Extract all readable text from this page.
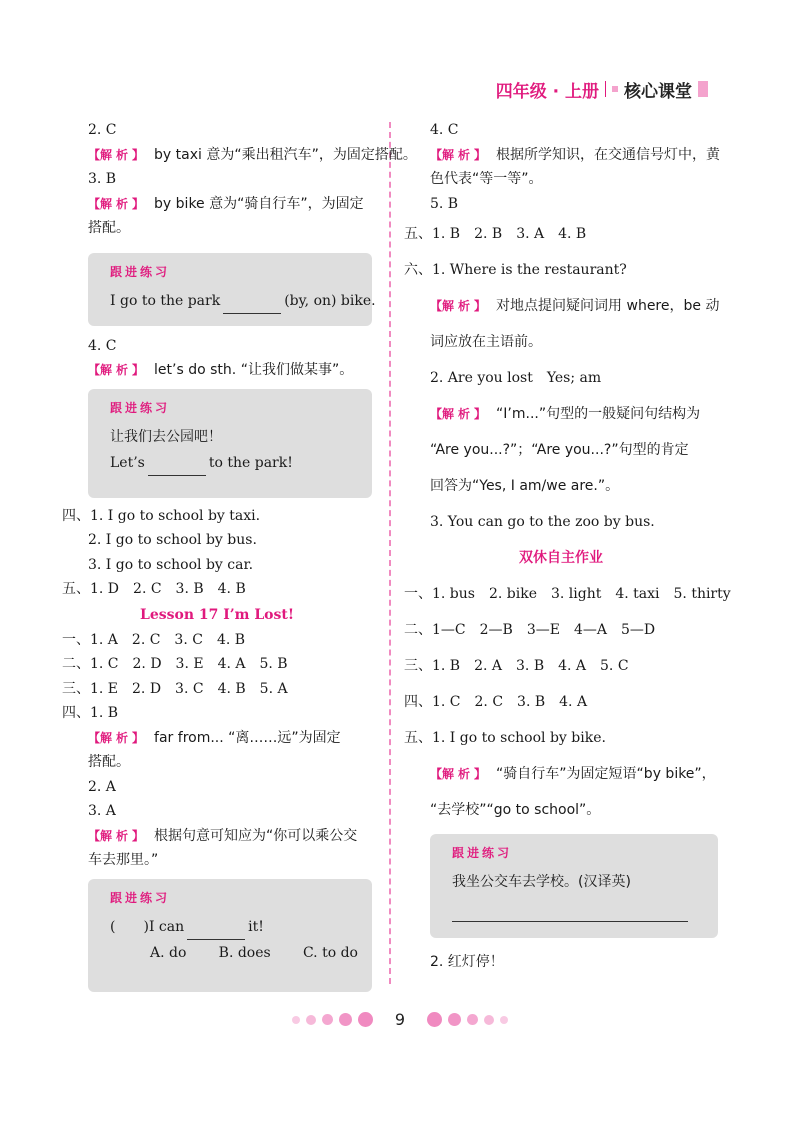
四年级 · 上册 核心课堂
2. C
【 解析 】 by taxi 意为“乘出租汽车”，为固定搭配。
3. B
【 解析 】 by bike 意为“骑自行车”，为固定
搭配。
跟进练习
I go to the park	(by, on) bike.
4. C
【 解析 】 let’s do sth. “让我们做某事”。
跟进练习
让我们去公园吧！
Let’s	to the park!
四、1. I go to school by taxi.
2. I go to school by bus.
3. I go to school by car.
五、1. D　2. C　3. B　4. B
Lesson 17 I’m Lost!
一、1. A　2. C　3. C　4. B
二、1. C　2. D　3. E　4. A　5. B
三、1. E　2. D　3. C　4. B　5. A
四、1. B
【 解析 】 far from... “离……远”为固定
搭配。
2. A
3. A
【 解析 】 根据句意可知应为“你可以乘公交
车去那里。”
跟进练习
(　　)I can	it!
A. do B. does C. to do
4. C
【 解析 】 根据所学知识，在交通信号灯中，黄
色代表“等一等”。
5. B
五、1. B　2. B　3. A　4. B
六、1. Where is the restaurant?
【 解析 】 对地点提问疑问词用 where，be 动
词应放在主语前。
2. Are you lost　Yes; am
【 解析 】 “I’m...”句型的一般疑问句结构为
“Are you...?”；“Are you...?”句型的肯定
回答为“Yes, I am/we are.”。
3. You can go to the zoo by bus.
双休自主作业
一、1. bus　2. bike　3. light　4. taxi　5. thirty
二、1—C　2—B　3—E　4—A　5—D
三、1. B　2. A　3. B　4. A　5. C
四、1. C　2. C　3. B　4. A
五、1. I go to school by bike.
【 解析 】 “骑自行车”为固定短语“by bike”，
“去学校”“go to school”。
跟进练习
我坐公交车去学校。(汉译英)
2. 红灯停！
9
